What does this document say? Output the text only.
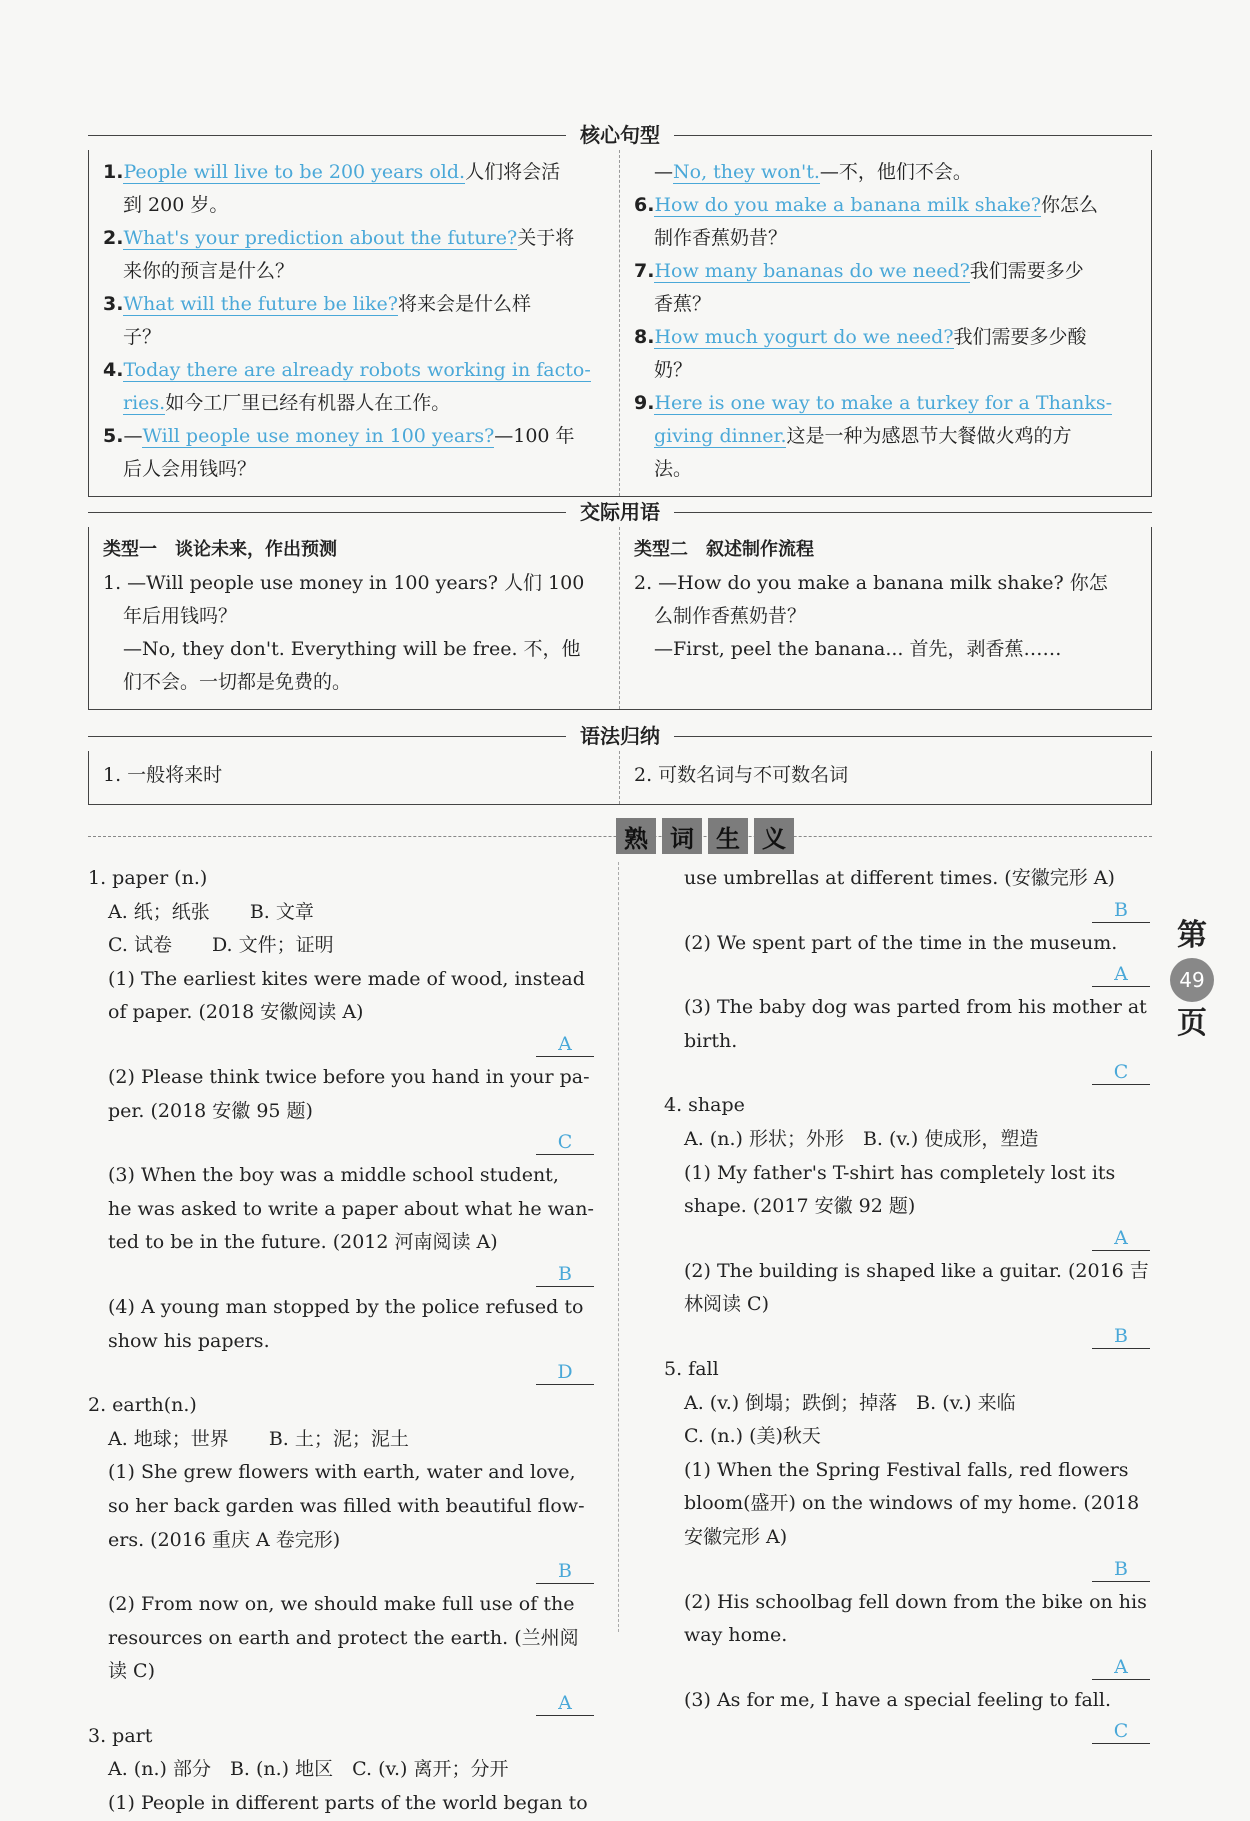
核心句型
1.People will live to be 200 years old.人们将会活
到 200 岁。
2.What's your prediction about the future?关于将
来你的预言是什么？
3.What will the future be like?将来会是什么样
子？
4.Today there are already robots working in facto-
ries.如今工厂里已经有机器人在工作。
5.—Will people use money in 100 years?—100 年
后人会用钱吗？
—No, they won't.—不，他们不会。
6.How do you make a banana milk shake?你怎么
制作香蕉奶昔？
7.How many bananas do we need?我们需要多少
香蕉？
8.How much yogurt do we need?我们需要多少酸
奶？
9.Here is one way to make a turkey for a Thanks-
giving dinner.这是一种为感恩节大餐做火鸡的方
法。
交际用语
类型一　谈论未来，作出预测
1. —Will people use money in 100 years? 人们 100
年后用钱吗？
—No, they don't. Everything will be free. 不，他
们不会。一切都是免费的。
类型二　叙述制作流程
2. —How do you make a banana milk shake? 你怎
么制作香蕉奶昔？
—First, peel the banana... 首先，剥香蕉……
语法归纳
1. 一般将来时	2. 可数名词与不可数名词
熟 词 生 义
1. paper (n.)
A. 纸；纸张 B. 文章
C. 试卷 D. 文件；证明
(1) The earliest kites were made of wood, instead
of paper. (2018 安徽阅读 A)
A
(2) Please think twice before you hand in your pa-
per. (2018 安徽 95 题)
C
(3) When the boy was a middle school student,
he was asked to write a paper about what he wan-
ted to be in the future. (2012 河南阅读 A)
B
(4) A young man stopped by the police refused to
show his papers.
D
2. earth(n.)
A. 地球；世界 B. 土；泥；泥土
(1) She grew flowers with earth, water and love,
so her back garden was filled with beautiful flow-
ers. (2016 重庆 A 卷完形)
B
(2) From now on, we should make full use of the
resources on earth and protect the earth. (兰州阅
读 C)
A
3. part
A. (n.) 部分　B. (n.) 地区　C. (v.) 离开；分开
(1) People in different parts of the world began to
use umbrellas at different times. (安徽完形 A)
B
(2) We spent part of the time in the museum.
A
(3) The baby dog was parted from his mother at
birth.
C
4. shape
A. (n.) 形状；外形　B. (v.) 使成形，塑造
(1) My father's T-shirt has completely lost its
shape. (2017 安徽 92 题)
A
(2) The building is shaped like a guitar. (2016 吉
林阅读 C)
B
5. fall
A. (v.) 倒塌；跌倒；掉落　B. (v.) 来临
C. (n.) (美)秋天
(1) When the Spring Festival falls, red flowers
bloom(盛开) on the windows of my home. (2018
安徽完形 A)
B
(2) His schoolbag fell down from the bike on his
way home.
A
(3) As for me, I have a special feeling to fall.
C
第
49
页
